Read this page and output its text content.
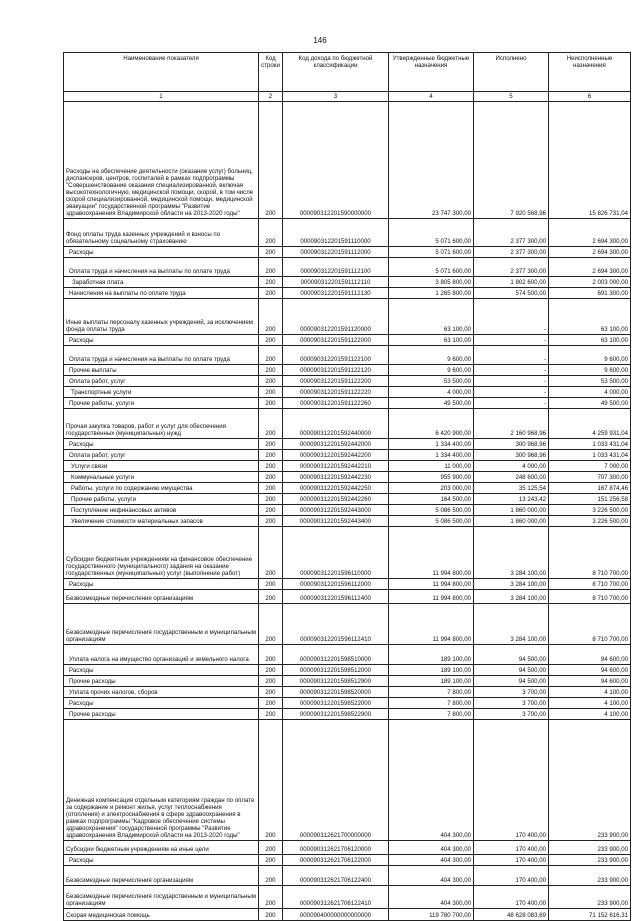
146
Наименование показателя	Код строки	Код дохода по бюджетной классификации	Утвержденные бюджетные назначения	Исполнено	Неисполненные назначения
1	2	3	4	5	6
Расходы на обеспечение деятельности (оказание услуг) больниц, диспансеров, центров, госпиталей в рамках подпрограммы "Совершенствование оказания специализированной, включая высокотехнологичную, медицинской помощи, скорой, в том числе скорой специализированной, медицинской помощи, медицинской эвакуации" государственной программы "Развитие здравоохранения Владимирской области на 2013-2020 годы"	200	000090312201590000000	23 747 300,00	7 920 568,96	15 826 731,04
Фонд оплаты труда казенных учреждений и взносы по обязательному социальному страхованию	200	000090312201591110000	5 071 600,00	2 377 300,00	2 694 300,00
Расходы	200	000090312201591112000	5 071 600,00	2 377 300,00	2 694 300,00
Оплата труда и начисления на выплаты по оплате труда	200	000090312201591112100	5 071 600,00	2 377 300,00	2 694 300,00
Заработная плата	200	000090312201591112110	3 805 800,00	1 802 600,00	2 003 000,00
Начисления на выплаты по оплате труда	200	000090312201591112130	1 265 800,00	574 500,00	691 300,00
Иные выплаты персоналу казенных учреждений, за исключением фонда оплаты труда	200	000090312201591120000	63 100,00	-	63 100,00
Расходы	200	000090312201591122000	63 100,00	-	63 100,00
Оплата труда и начисления на выплаты по оплате труда	200	000090312201591122100	9 600,00	-	9 600,00
Прочие выплаты	200	000090312201591122120	9 600,00	-	9 600,00
Оплата работ, услуг	200	000090312201591122200	53 500,00	-	53 500,00
Транспортные услуги	200	000090312201591122220	4 000,00	-	4 000,00
Прочие работы, услуги	200	000090312201591122260	49 500,00	-	49 500,00
Прочая закупка товаров, работ и услуг для обеспечения государственных (муниципальных) нужд	200	000090312201592440000	6 420 900,00	2 160 968,96	4 259 931,04
Расходы	200	000090312201592442000	1 334 400,00	300 968,96	1 033 431,04
Оплата работ, услуг	200	000090312201592442200	1 334 400,00	300 968,96	1 033 431,04
Услуги связи	200	000090312201592442210	11 000,00	4 000,00	7 000,00
Коммунальные услуги	200	000090312201592442230	955 900,00	248 600,00	707 300,00
Работы, услуги по содержанию имущества	200	000090312201592442250	203 000,00	35 125,54	167 874,46
Прочие работы, услуги	200	000090312201592442260	164 500,00	13 243,42	151 256,58
Поступление нефинансовых активов	200	000090312201592443000	5 086 500,00	1 860 000,00	3 226 500,00
Увеличение стоимости материальных запасов	200	000090312201592443400	5 086 500,00	1 860 000,00	3 226 500,00
Субсидии бюджетным учреждениям на финансовое обеспечение государственного (муниципального) задания на оказание государственных (муниципальных) услуг (выполнение работ)	200	000090312201596110000	11 994 800,00	3 284 100,00	8 710 700,00
Расходы	200	000090312201596112000	11 994 800,00	3 284 100,00	8 710 700,00
Безвозмездные перечисления организациям	200	000090312201596112400	11 994 800,00	3 284 100,00	8 710 700,00
Безвозмездные перечисления государственным и муниципальным организациям	200	000090312201596112410	11 994 800,00	3 284 100,00	8 710 700,00
Уплата налога на имущество организаций и земельного налога	200	000090312201598510000	189 100,00	94 500,00	94 600,00
Расходы	200	000090312201598512000	189 100,00	94 500,00	94 600,00
Прочие расходы	200	000090312201598512900	189 100,00	94 500,00	94 600,00
Уплата прочих налогов, сборов	200	000090312201598520000	7 800,00	3 700,00	4 100,00
Расходы	200	000090312201598522000	7 800,00	3 700,00	4 100,00
Прочие расходы	200	000090312201598522900	7 800,00	3 700,00	4 100,00
Денежная компенсация отдельным категориям граждан по оплате за содержание и ремонт жилья, услуг теплоснабжения (отопления) и электроснабжения в сфере здравоохранения в рамках подпрограммы "Кадровое обеспечение системы здравоохранения" государственной программы "Развитие здравоохранения Владимирской области на 2013-2020 годы"	200	000090312621700000000	404 300,00	170 400,00	233 900,00
Субсидии бюджетным учреждениям на иные цели	200	000090312621706120000	404 300,00	170 400,00	233 900,00
Расходы	200	000090312621706122000	404 300,00	170 400,00	233 900,00
Безвозмездные перечисления организациям	200	000090312621706122400	404 300,00	170 400,00	233 900,00
Безвозмездные перечисления государственным и муниципальным организациям	200	000090312621706122410	404 300,00	170 400,00	233 900,00
Скорая медицинская помощь	200	000090400000000000000	119 780 700,00	48 628 083,69	71 152 616,31
